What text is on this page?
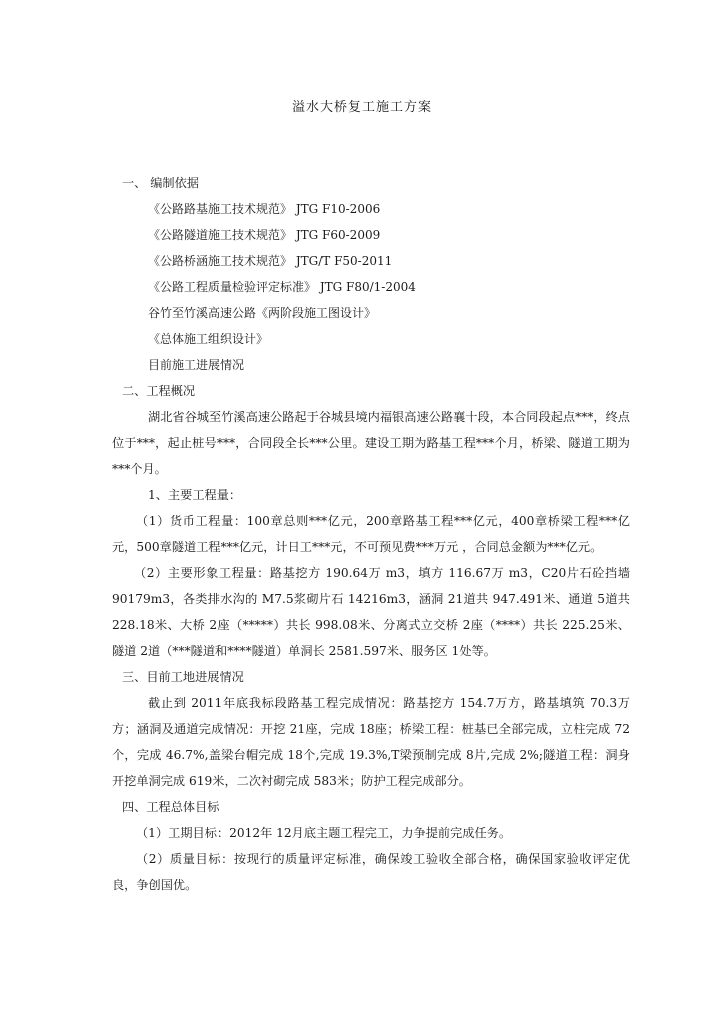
溢水大桥复工施工方案

一、 编制依据

《公路路基施工技术规范》 JTG F10-2006

《公路隧道施工技术规范》 JTG F60-2009

《公路桥涵施工技术规范》 JTG/T F50-2011

《公路工程质量检验评定标准》 JTG F80/1-2004

谷竹至竹溪高速公路《两阶段施工图设计》

《总体施工组织设计》

目前施工进展情况

二、工程概况

湖北省谷城至竹溪高速公路起于谷城县境内福银高速公路襄十段，本合同段起点***，终点位于***，起止桩号***，合同段全长***公里。建设工期为路基工程***个月，桥梁、隧道工期为***个月。

1、主要工程量：

（1）货币工程量：100章总则***亿元，200章路基工程***亿元，400章桥梁工程***亿元，500章隧道工程***亿元，计日工***元，不可预见费***万元 ，合同总金额为***亿元。

（2）主要形象工程量：路基挖方 190.64万 m3，填方 116.67万 m3，C20片石砼挡墙 90179m3，各类排水沟的 M7.5浆砌片石 14216m3，涵洞 21道共 947.491米、通道 5道共 228.18米、大桥 2座（*****）共长 998.08米、分离式立交桥 2座（****）共长 225.25米、隧道 2道（***隧道和****隧道）单洞长 2581.597米、服务区 1处等。

三、目前工地进展情况

截止到 2011年底我标段路基工程完成情况：路基挖方 154.7万方，路基填筑 70.3万方；涵洞及通道完成情况：开挖 21座，完成 18座；桥梁工程：桩基已全部完成，立柱完成 72个，完成 46.7%,盖梁台帽完成 18个,完成 19.3%,T梁预制完成 8片,完成 2%;隧道工程：洞身开挖单洞完成 619米，二次衬砌完成 583米；防护工程完成部分。

四、工程总体目标

（1）工期目标：2012年 12月底主题工程完工，力争提前完成任务。

（2）质量目标：按现行的质量评定标准，确保竣工验收全部合格，确保国家验收评定优良，争创国优。
